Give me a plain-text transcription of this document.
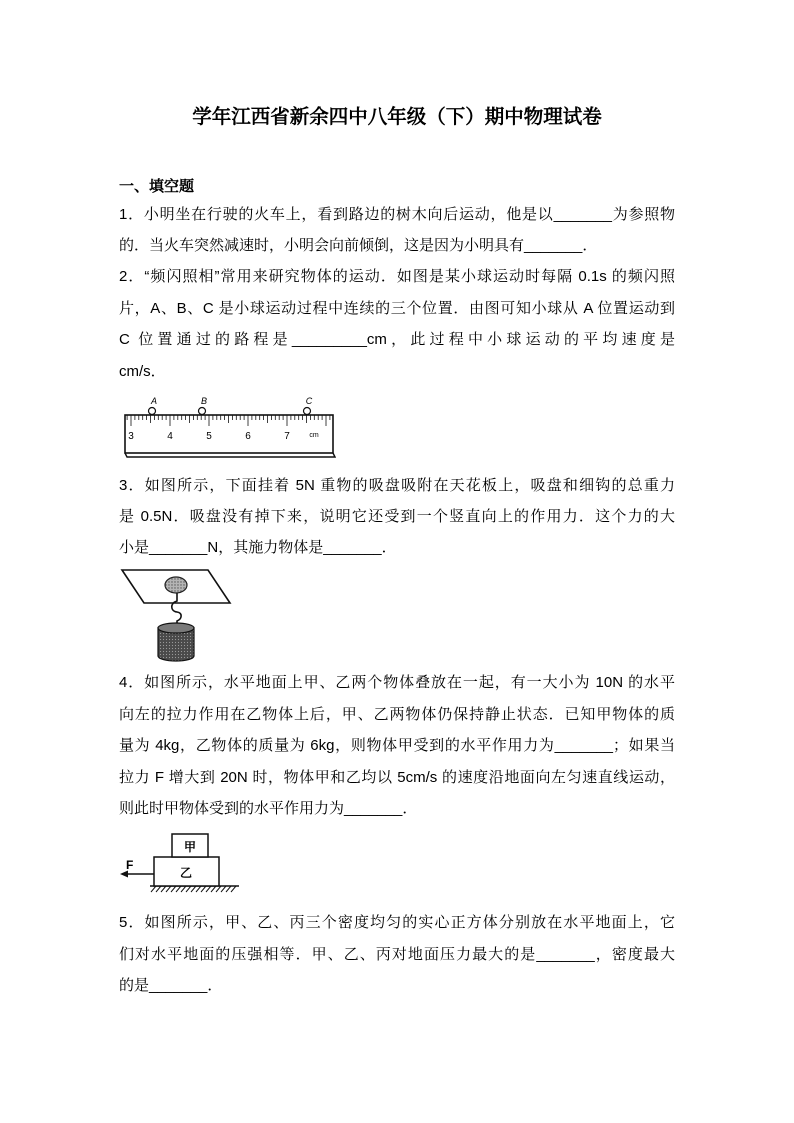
学年江西省新余四中八年级（下）期中物理试卷
一、填空题
1．小明坐在行驶的火车上，看到路边的树木向后运动，他是以_______为参照物
的．当火车突然减速时，小明会向前倾倒，这是因为小明具有_______．
2．“频闪照相”常用来研究物体的运动．如图是某小球运动时每隔 0.1s 的频闪照
片，A、B、C 是小球运动过程中连续的三个位置．由图可知小球从 A 位置运动到
C 位置通过的路程是_________cm，此过程中小球运动的平均速度是
cm/s．
3	4	5	6	7	cm
A	B	C
3．如图所示，下面挂着 5N 重物的吸盘吸附在天花板上，吸盘和细钩的总重力
是 0.5N．吸盘没有掉下来，说明它还受到一个竖直向上的作用力．这个力的大
小是_______N，其施力物体是_______．
4．如图所示，水平地面上甲、乙两个物体叠放在一起，有一大小为 10N 的水平
向左的拉力作用在乙物体上后，甲、乙两物体仍保持静止状态．已知甲物体的质
量为 4kg，乙物体的质量为 6kg，则物体甲受到的水平作用力为_______；如果当
拉力 F 增大到 20N 时，物体甲和乙均以 5cm/s 的速度沿地面向左匀速直线运动，
则此时甲物体受到的水平作用力为_______．
甲
乙
F
5．如图所示，甲、乙、丙三个密度均匀的实心正方体分别放在水平地面上，它
们对水平地面的压强相等．甲、乙、丙对地面压力最大的是_______，密度最大
的是_______．
